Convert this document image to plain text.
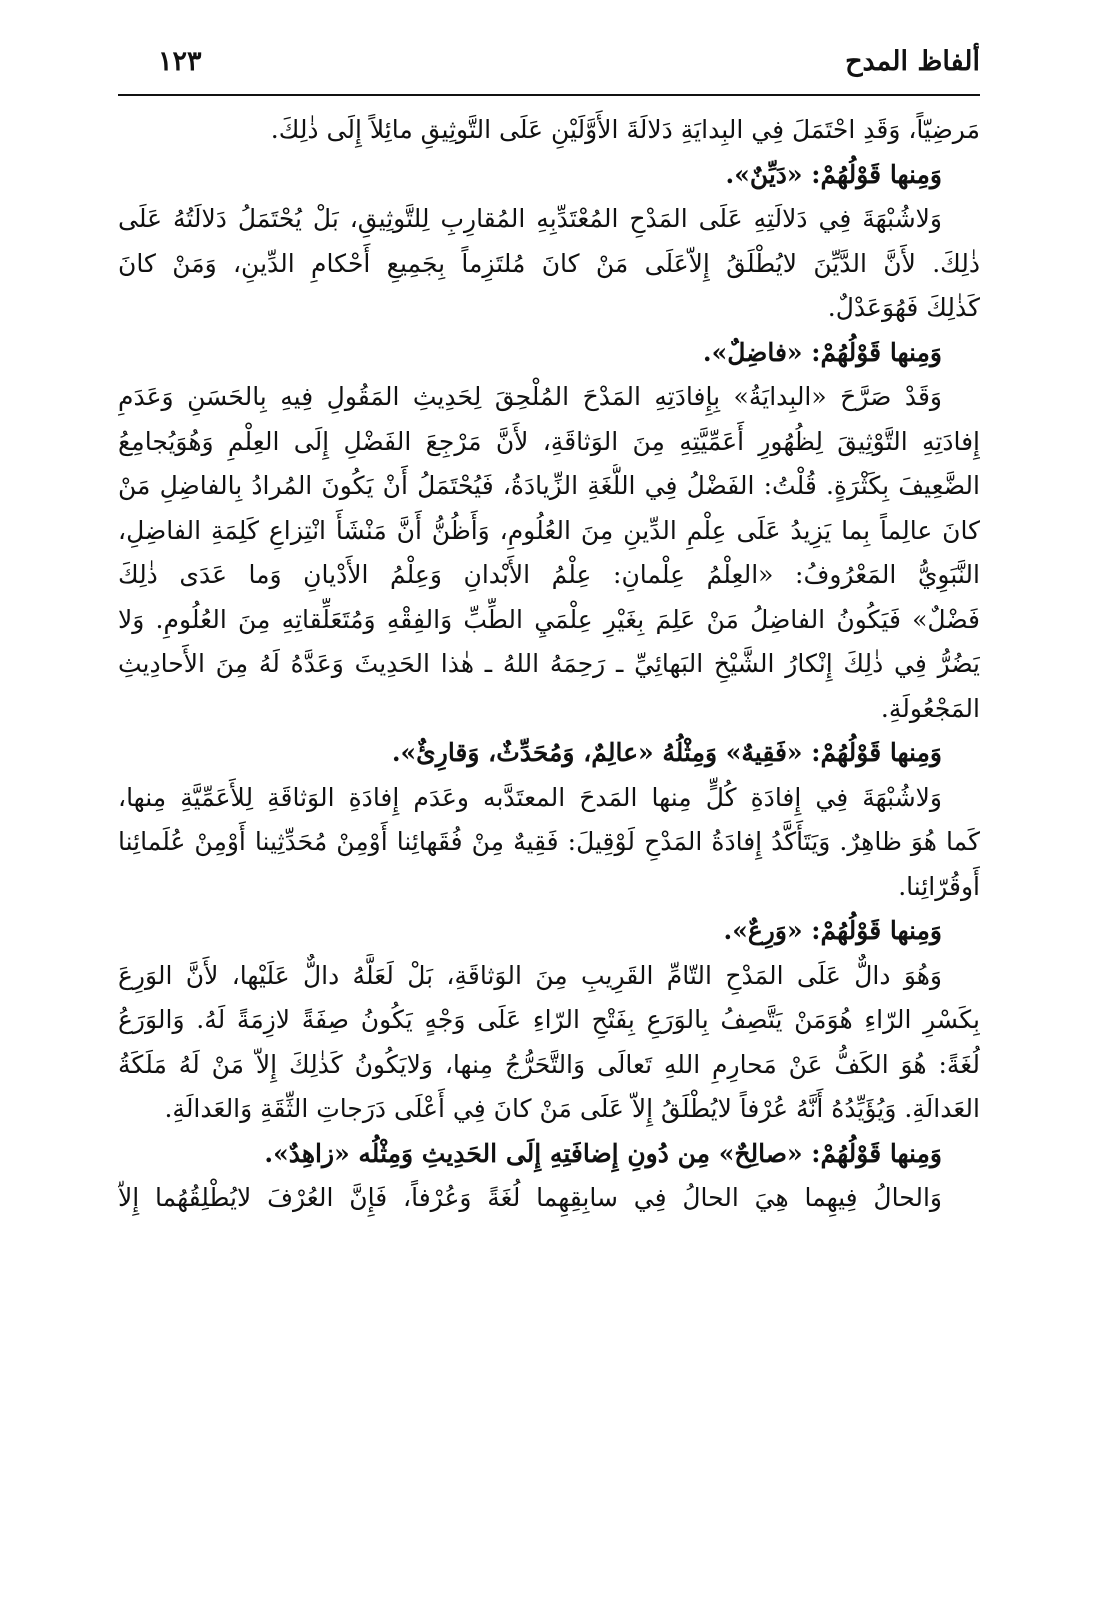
ألفاظ المدح
١٢٣
مَرضِيّاً، وَقَدِ احْتَمَلَ فِي البِدايَةِ دَلالَةَ الأَوَّلَيْنِ عَلَى التَّوثِيقِ مائِلاً إِلَى ذٰلِكَ.
وَمِنها قَوْلُهُمْ: «دَيِّنٌ».
وَلاشُبْهَةَ فِي دَلالَتِهِ عَلَى المَدْحِ المُعْتَدِّبِهِ المُقارِبِ لِلتَّوثِيقِ، بَلْ يُحْتَمَلُ دَلالَتُهُ عَلَى
ذٰلِكَ. لأَنَّ الدَّيِّنَ لايُطْلَقُ إِلاّعَلَى مَنْ كانَ مُلتَزِماً بِجَمِيعِ أَحْكامِ الدِّينِ، وَمَنْ كانَ
كَذٰلِكَ فَهُوَعَدْلٌ.
وَمِنها قَوْلُهُمْ: «فاضِلٌ».
وَقَدْ صَرَّحَ «البِدايَةُ» بِإِفادَتِهِ المَدْحَ المُلْحِقَ لِحَدِيثِ المَقُولِ فِيهِ بِالحَسَنِ وَعَدَمِ
إِفادَتِهِ التَّوْثِيقَ لِظُهُورِ أَعَمِّيَّتِهِ مِنَ الوَثاقَةِ، لأَنَّ مَرْجِعَ الفَضْلِ إِلَى العِلْمِ وَهُوَيُجامِعُ
الضَّعِيفَ بِكَثْرَةٍ. قُلْتُ: الفَضْلُ فِي اللُّغَةِ الزِّيادَةُ، فَيُحْتَمَلُ أَنْ يَكُونَ المُرادُ بِالفاضِلِ مَنْ
كانَ عالِماً بِما يَزِيدُ عَلَى عِلْمِ الدِّينِ مِنَ العُلُومِ، وَأَظُنُّ أَنَّ مَنْشَأَ انْتِزاعِ كَلِمَةِ الفاضِلِ،
النَّبَوِيُّ المَعْرُوفُ: «العِلْمُ عِلْمانِ: عِلْمُ الأَبْدانِ وَعِلْمُ الأَدْيانِ وَما عَدَى ذٰلِكَ
فَضْلٌ» فَيَكُونُ الفاضِلُ مَنْ عَلِمَ بِغَيْرِ عِلْمَيِ الطِّبِّ وَالفِقْهِ وَمُتَعَلِّقاتِهِ مِنَ العُلُومِ. وَلا
يَضُرُّ فِي ذٰلِكَ إِنْكارُ الشَّيْخِ البَهائِيِّ ـ رَحِمَهُ اللهُ ـ هٰذا الحَدِيثَ وَعَدَّهُ لَهُ مِنَ الأَحادِيثِ
المَجْعُولَةِ.
وَمِنها قَوْلُهُمْ: «فَقِيهٌ» وَمِثْلُهُ «عالِمٌ، وَمُحَدِّثٌ، وَقارِئٌ».
وَلاشُبْهَةَ فِي إِفادَةِ كُلٍّ مِنها المَدحَ المعتَدَّبه وعَدَم إِفادَةِ الوَثاقَةِ لِلأَعَمِّيَّةِ مِنها،
كَما هُوَ ظاهِرٌ. وَيَتَأَكَّدُ إِفادَةُ المَدْحِ لَوْقِيلَ: فَقِيهٌ مِنْ فُقَهائِنا أَوْمِنْ مُحَدِّثِينا أَوْمِنْ عُلَمائِنا
أَوقُرّائِنا.
وَمِنها قَوْلُهُمْ: «وَرِعٌ».
وَهُوَ دالٌّ عَلَى المَدْحِ التّامِّ القَرِيبِ مِنَ الوَثاقَةِ، بَلْ لَعَلَّهُ دالٌّ عَلَيْها، لأَنَّ الوَرِعَ
بِكَسْرِ الرّاءِ هُوَمَنْ يَتَّصِفُ بِالوَرَعِ بِفَتْحِ الرّاءِ عَلَى وَجْهٍ يَكُونُ صِفَةً لازِمَةً لَهُ. وَالوَرَعُ
لُغَةً: هُوَ الكَفُّ عَنْ مَحارِمِ اللهِ تَعالَى وَالتَّحَرُّجُ مِنها، وَلايَكُونُ كَذٰلِكَ إِلاّ مَنْ لَهُ مَلَكَةُ
العَدالَةِ. وَيُؤَيِّدُهُ أَنَّهُ عُرْفاً لايُطْلَقُ إِلاّ عَلَى مَنْ كانَ فِي أَعْلَى دَرَجاتِ الثِّقَةِ وَالعَدالَةِ.
وَمِنها قَوْلُهُمْ: «صالِحٌ» مِن دُونِ إِضافَتِهِ إِلَى الحَدِيثِ وَمِثْلُه «زاهِدٌ».
وَالحالُ فِيهِما هِيَ الحالُ فِي سابِقِهِما لُغَةً وَعُرْفاً، فَإِنَّ العُرْفَ لايُطْلِقُهُما إِلاّ
